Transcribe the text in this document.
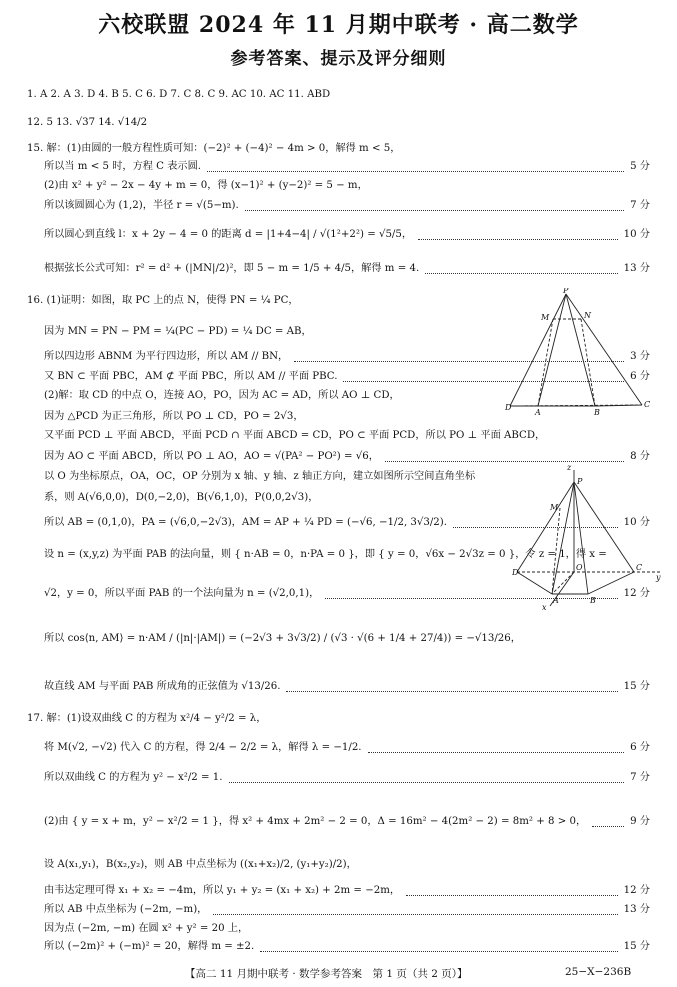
六校联盟 2024 年 11 月期中联考 · 高二数学
参考答案、提示及评分细则
1. A 2. A 3. D 4. B 5. C 6. D 7. C 8. C 9. AC 10. AC 11. ABD
12. 5 13. √37 14. √14/2
15. 解：(1)由圆的一般方程性质可知：(−2)² + (−4)² − 4m > 0，解得 m < 5，
所以当 m < 5 时，方程 C 表示圆.	5 分
(2)由 x² + y² − 2x − 4y + m = 0，得 (x−1)² + (y−2)² = 5 − m，
所以该圆圆心为 (1,2)，半径 r = √(5−m).	7 分
所以圆心到直线 l：x + 2y − 4 = 0 的距离 d = |1+4−4| / √(1²+2²) = √5/5，	10 分
根据弦长公式可知：r² = d² + (|MN|/2)²，即 5 − m = 1/5 + 4/5，解得 m = 4.	13 分
16. (1)证明：如图，取 PC 上的点 N，使得 PN = ¼ PC，
因为 MN = PN − PM = ¼(PC − PD) = ¼ DC = AB，
所以四边形 ABNM 为平行四边形，所以 AM // BN，	3 分
又 BN ⊂ 平面 PBC，AM ⊄ 平面 PBC，所以 AM // 平面 PBC.	6 分
(2)解：取 CD 的中点 O，连接 AO，PO，因为 AC = AD，所以 AO ⊥ CD，
因为 △PCD 为正三角形，所以 PO ⊥ CD，PO = 2√3，
又平面 PCD ⊥ 平面 ABCD，平面 PCD ∩ 平面 ABCD = CD，PO ⊂ 平面 PCD，所以 PO ⊥ 平面 ABCD，
因为 AO ⊂ 平面 ABCD，所以 PO ⊥ AO，AO = √(PA² − PO²) = √6，	8 分
以 O 为坐标原点，OA，OC，OP 分别为 x 轴、y 轴、z 轴正方向，建立如图所示空间直角坐标
系，则 A(√6,0,0)，D(0,−2,0)，B(√6,1,0)，P(0,0,2√3)，
所以 AB = (0,1,0)，PA = (√6,0,−2√3)，AM = AP + ¼ PD = (−√6, −1/2, 3√3/2).	10 分
设 n = (x,y,z) 为平面 PAB 的法向量，则 { n·AB = 0，n·PA = 0 }，即 { y = 0，√6x − 2√3z = 0 }，令 z = 1，得 x =
√2，y = 0，所以平面 PAB 的一个法向量为 n = (√2,0,1)，	12 分
所以 cos⟨n, AM⟩ = n·AM / (|n|·|AM|) = (−2√3 + 3√3/2) / (√3 · √(6 + 1/4 + 27/4)) = −√13/26，
故直线 AM 与平面 PAB 所成角的正弦值为 √13/26.	15 分
17. 解：(1)设双曲线 C 的方程为 x²/4 − y²/2 = λ，
将 M(√2, −√2) 代入 C 的方程，得 2/4 − 2/2 = λ，解得 λ = −1/2.	6 分
所以双曲线 C 的方程为 y² − x²/2 = 1.	7 分
(2)由 { y = x + m，y² − x²/2 = 1 }，得 x² + 4mx + 2m² − 2 = 0，Δ = 16m² − 4(2m² − 2) = 8m² + 8 > 0，	9 分
设 A(x₁,y₁)，B(x₂,y₂)，则 AB 中点坐标为 ((x₁+x₂)/2, (y₁+y₂)/2)，
由韦达定理可得 x₁ + x₂ = −4m，所以 y₁ + y₂ = (x₁ + x₂) + 2m = −2m，	12 分
所以 AB 中点坐标为 (−2m, −m)，	13 分
因为点 (−2m, −m) 在圆 x² + y² = 20 上，
所以 (−2m)² + (−m)² = 20，解得 m = ±2.	15 分
P
M	N
D	C
A	B
z
P
M
D
O	C
y
A	B
x
【高二 11 月期中联考 · 数学参考答案　第 1 页（共 2 页）】	25−X−236B
